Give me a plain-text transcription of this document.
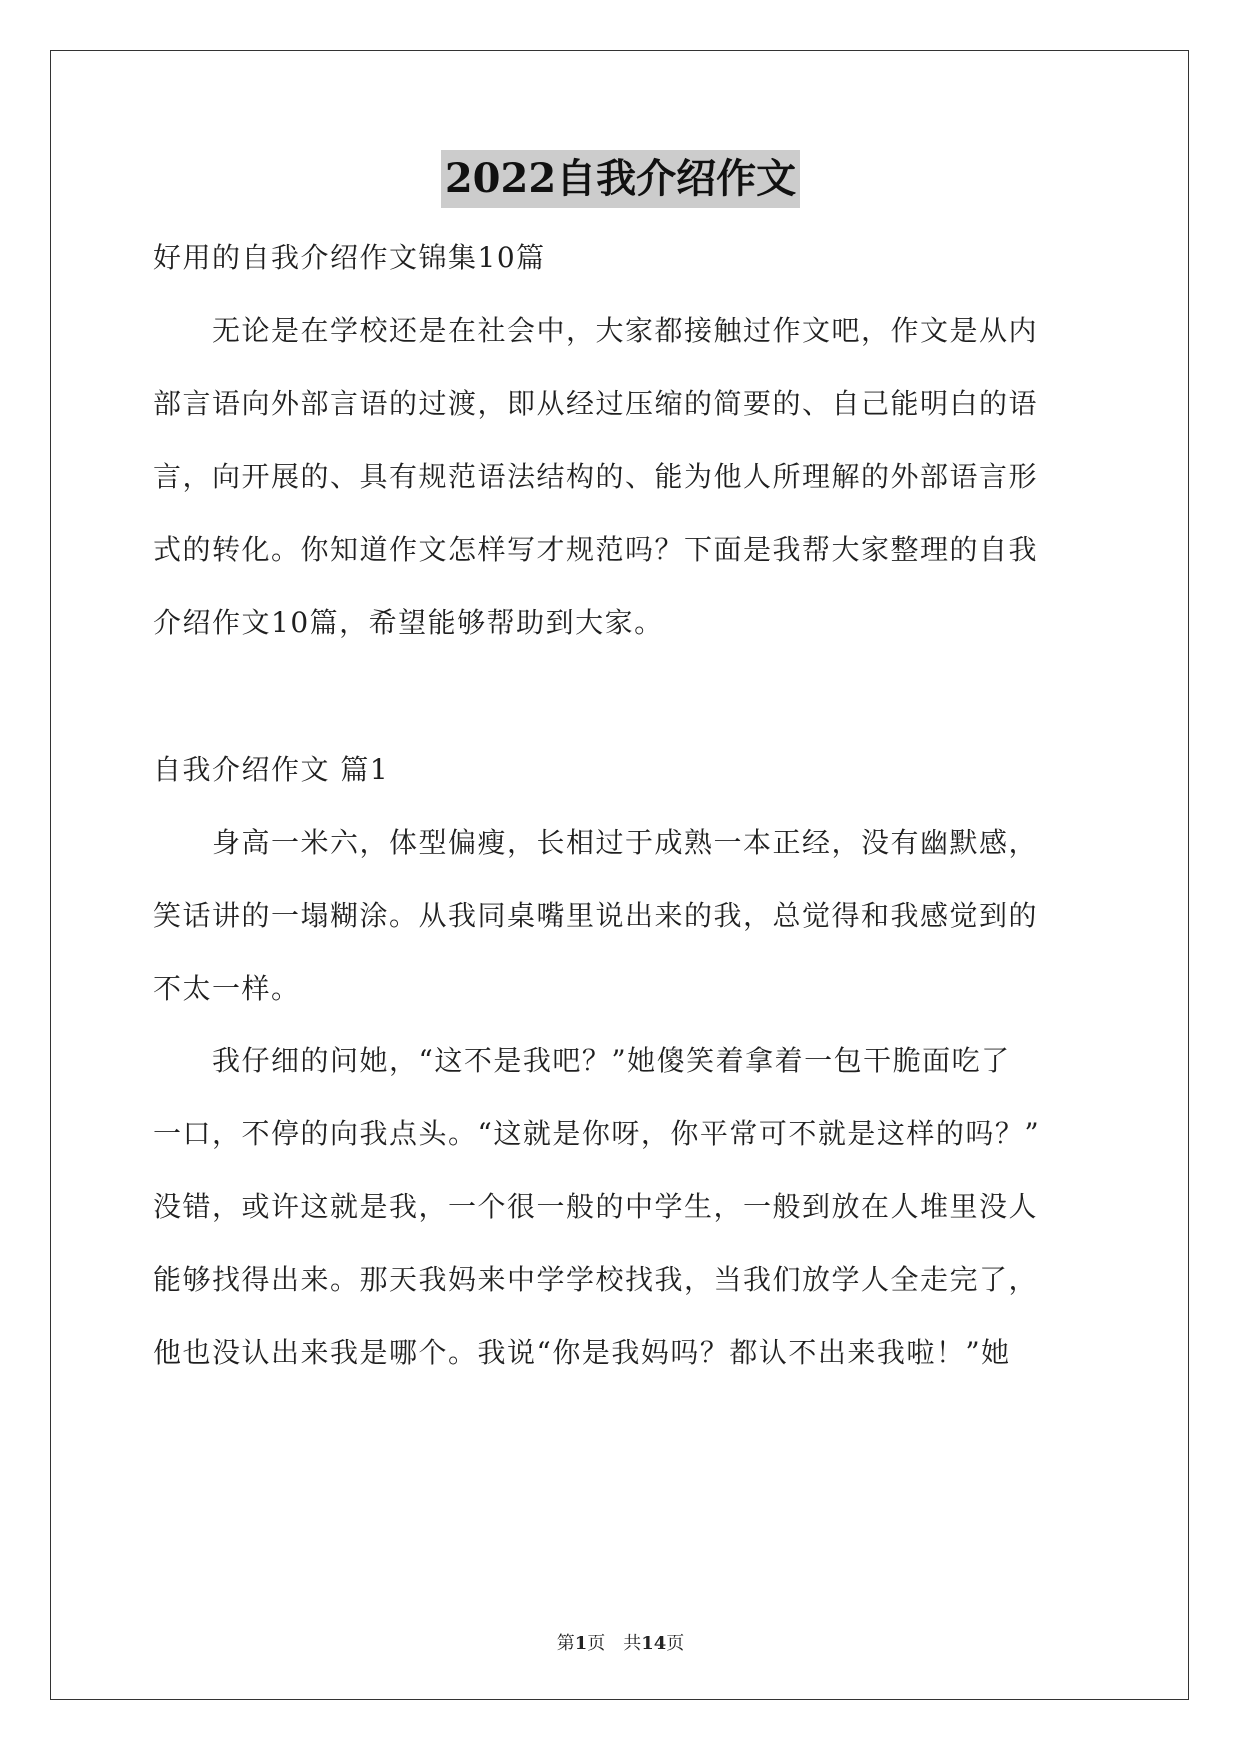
2022自我介绍作文
好用的自我介绍作文锦集10篇
　　无论是在学校还是在社会中，大家都接触过作文吧，作文是从内
部言语向外部言语的过渡，即从经过压缩的简要的、自己能明白的语
言，向开展的、具有规范语法结构的、能为他人所理解的外部语言形
式的转化。你知道作文怎样写才规范吗？下面是我帮大家整理的自我
介绍作文10篇，希望能够帮助到大家。
自我介绍作文 篇1
　　身高一米六，体型偏瘦，长相过于成熟一本正经，没有幽默感，
笑话讲的一塌糊涂。从我同桌嘴里说出来的我，总觉得和我感觉到的
不太一样。
　　我仔细的问她，“这不是我吧？”她傻笑着拿着一包干脆面吃了
一口，不停的向我点头。“这就是你呀，你平常可不就是这样的吗？”
没错，或许这就是我，一个很一般的中学生，一般到放在人堆里没人
能够找得出来。那天我妈来中学学校找我，当我们放学人全走完了，
他也没认出来我是哪个。我说“你是我妈吗？都认不出来我啦！”她
第1页　 共14页
